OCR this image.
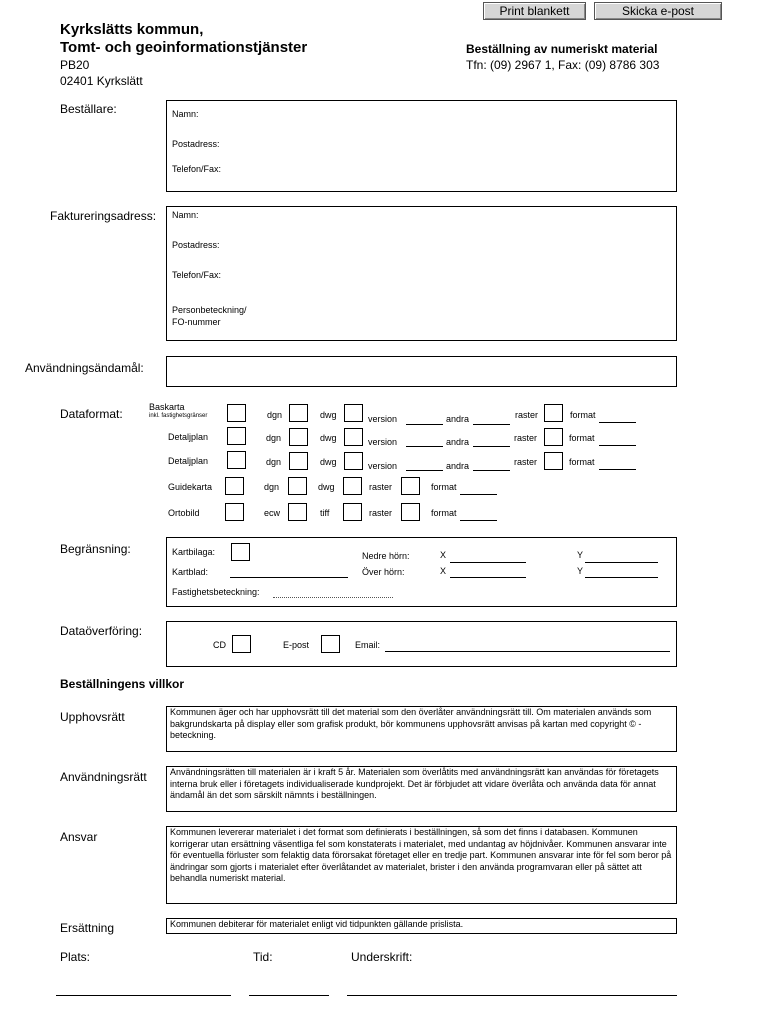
Print blankett	Skicka e-post
Kyrkslätts kommun,
Tomt- och geoinformationstjänster
PB20
02401 Kyrkslätt
Beställning av numeriskt material
Tfn: (09) 2967 1, Fax: (09) 8786 303
Beställare:	Namn:
Postadress:
Telefon/Fax:
Faktureringsadress: Namn:
Postadress:
Telefon/Fax:
Personbeteckning/
FO-nummer
Användningsändamål:
Dataformat:	Baskarta
inkl. fastighetsgränser	dgn	dwg	version	andra	raster	format
Detaljplan	dgn	dwg	version	andra	raster	format
Detaljplan	dgn	dwg	version	andra	raster	format
Guidekarta	dgn	dwg	raster	format
Ortobild	ecw	tiff	raster	format
Begränsning:	Kartbilaga:
Kartblad:
Fastighetsbeteckning:
Nedre hörn:	X	Y
Över hörn:	X	Y
Dataöverföring:
CD	E-post	Email:
Beställningens villkor
Upphovsrätt	Kommunen äger och har upphovsrätt till det material som den överlåter användningsrätt till. Om materialen används som bakgrundskarta på display eller som grafisk produkt, bör kommunens upphovsrätt anvisas på kartan med copyright © - beteckning.
Användningsrätt	Användningsrätten till materialen är i kraft 5 år. Materialen som överlåtits med användningsrätt kan användas för företagets interna bruk eller i företagets individualiserade kundprojekt. Det är förbjudet att vidare överlåta och använda data för annat ändamål än det som särskilt nämnts i beställningen.
Ansvar	Kommunen levererar materialet i det format som definierats i beställningen, så som det finns i databasen. Kommunen korrigerar utan ersättning väsentliga fel som konstaterats i materialet, med undantag av höjdnivåer. Kommunen ansvarar inte för eventuella förluster som felaktig data förorsakat företaget eller en tredje part. Kommunen ansvarar inte för fel som beror på ändringar som gjorts i materialet efter överlåtandet av materialet, brister i den använda programvaran eller på sättet att behandla numeriskt material.
Ersättning	Kommunen debiterar för materialet enligt vid tidpunkten gällande prislista.
Plats:	Tid:	Underskrift:
